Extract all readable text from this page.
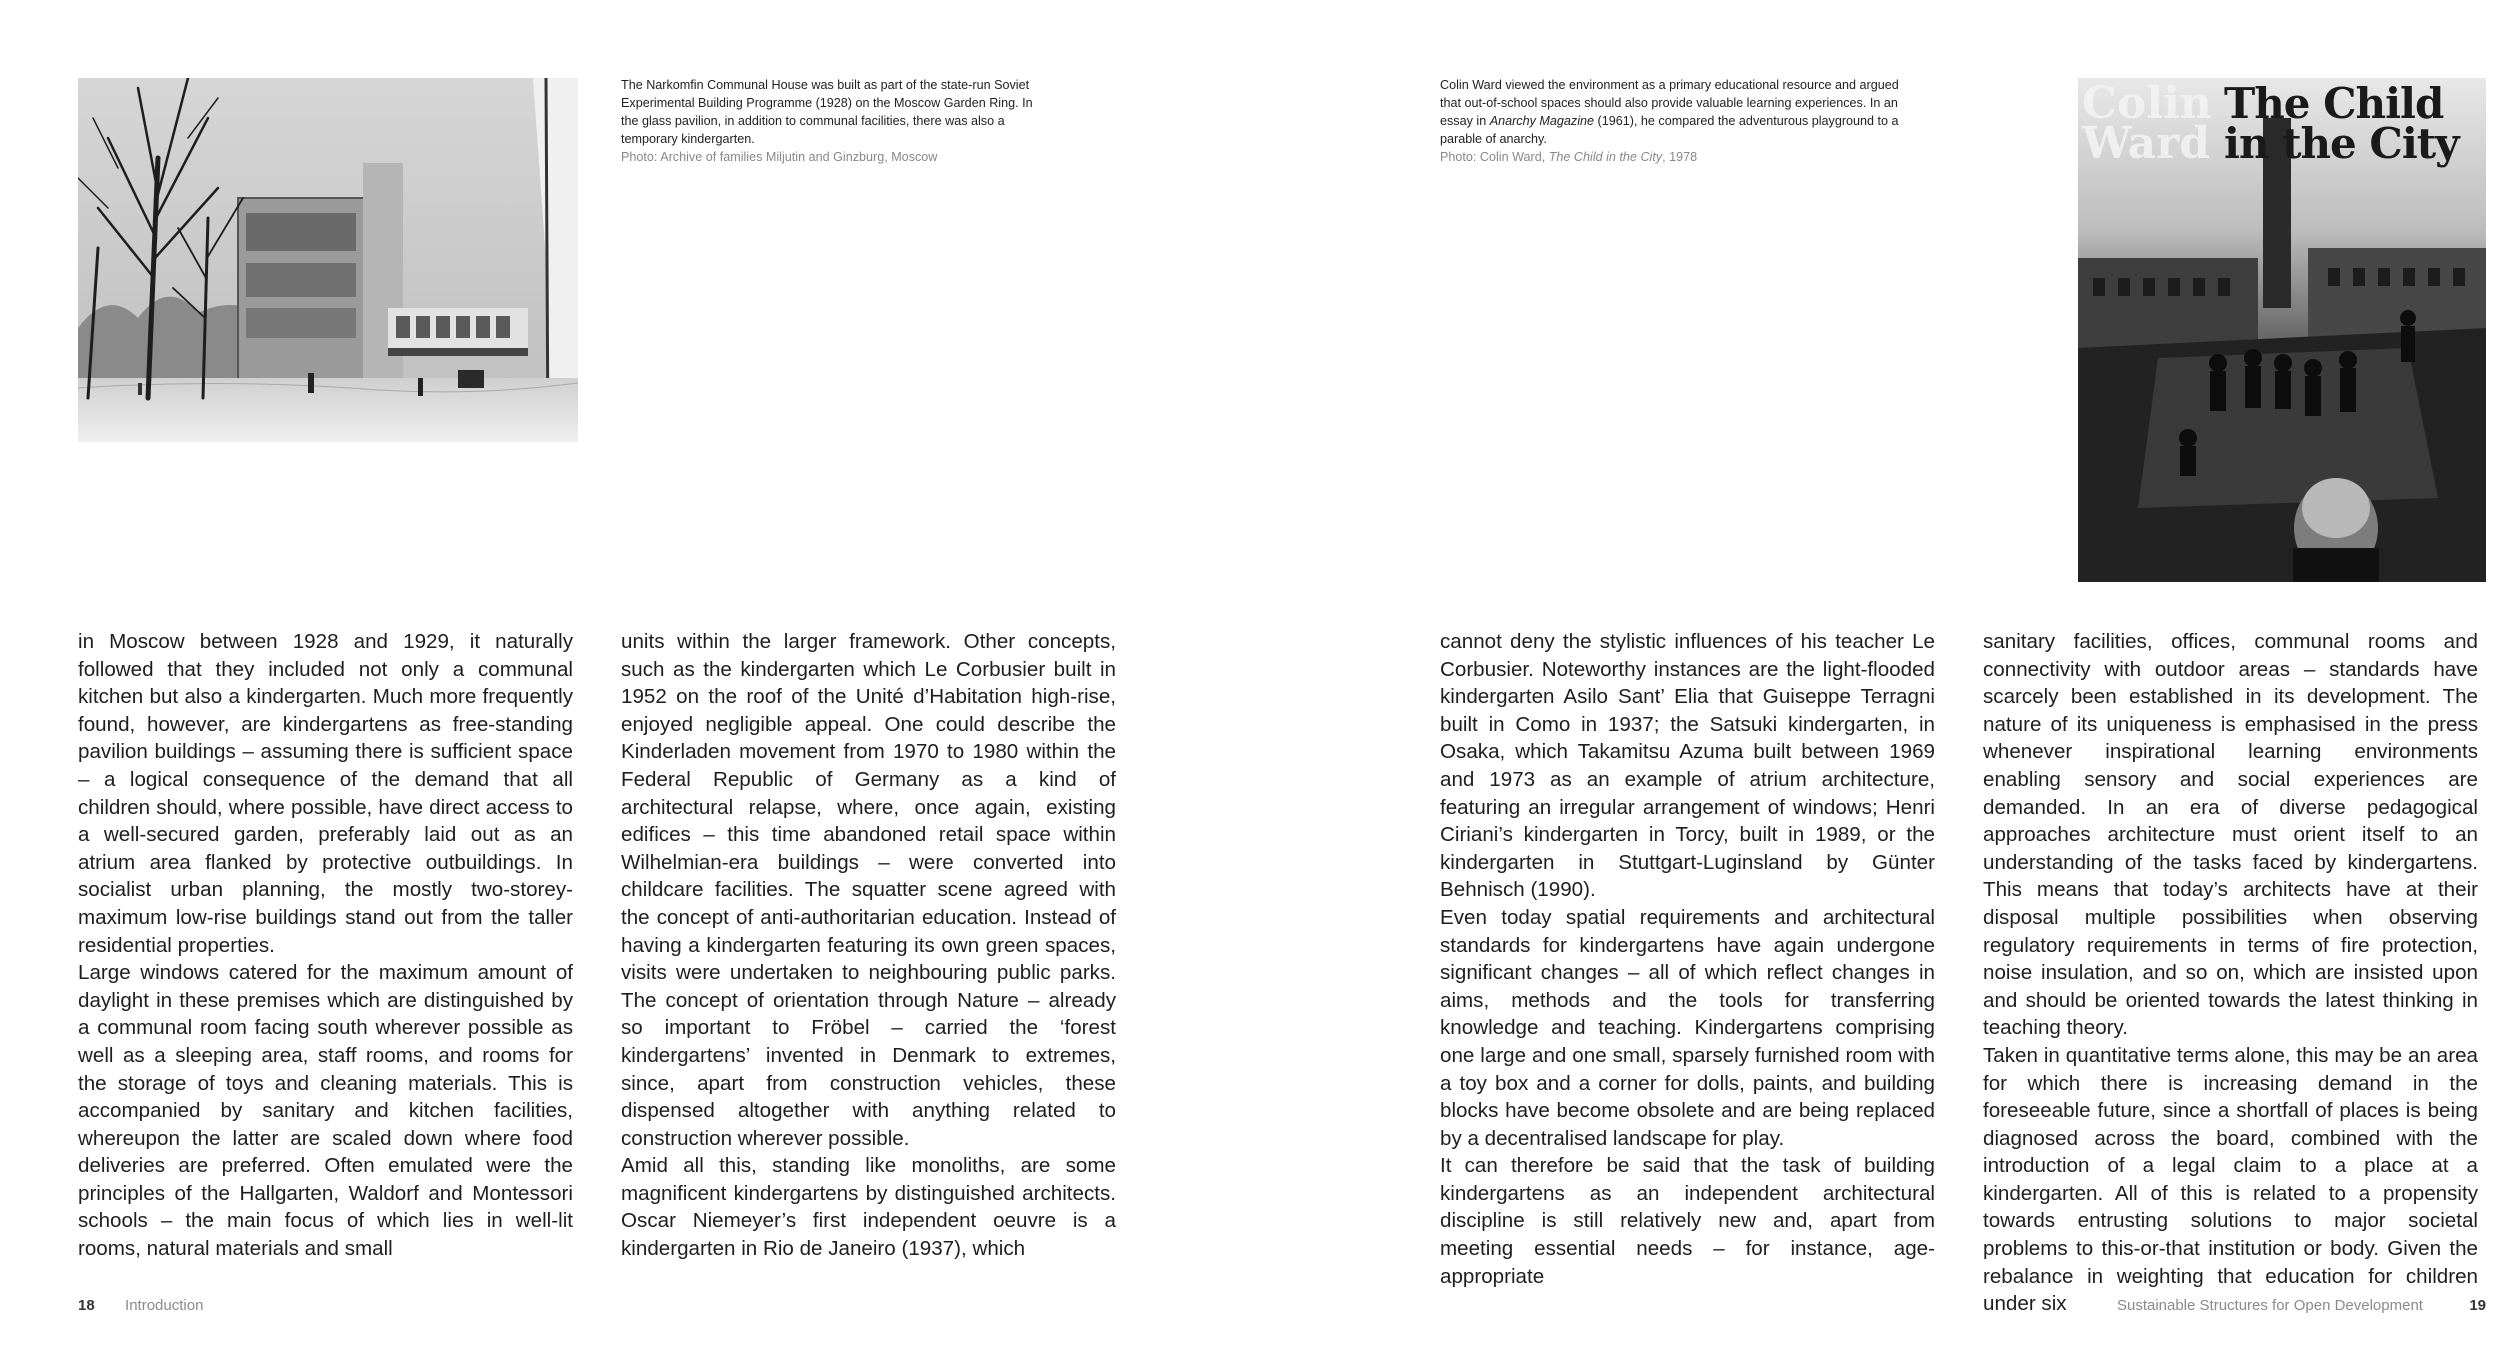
The Narkomfin Communal House was built as part of the state-run Soviet Experimental Building Programme (1928) on the Moscow Garden Ring. In the glass pavilion, in addition to communal facilities, there was also a temporary kindergarten.

Photo: Archive of families Miljutin and Ginzburg, Moscow

in Moscow between 1928 and 1929, it naturally followed that they included not only a communal kitchen but also a kindergarten. Much more frequently found, however, are kindergartens as free-standing pavilion buildings – assuming there is sufficient space – a logical consequence of the demand that all children should, where possible, have direct access to a well-secured garden, preferably laid out as an atrium area flanked by protective outbuildings. In socialist urban planning, the mostly two-storey-maximum low-rise buildings stand out from the taller residential properties.

Large windows catered for the maximum amount of daylight in these premises which are distinguished by a communal room facing south wherever possible as well as a sleeping area, staff rooms, and rooms for the storage of toys and cleaning materials. This is accompanied by sanitary and kitchen facilities, whereupon the latter are scaled down where food deliveries are preferred. Often emulated were the principles of the Hallgarten, Waldorf and Montessori schools – the main focus of which lies in well-lit rooms, natural materials and small

units within the larger framework. Other concepts, such as the kindergarten which Le Corbusier built in 1952 on the roof of the Unité d’Habitation high-rise, enjoyed negligible appeal. One could describe the Kinderladen movement from 1970 to 1980 within the Federal Republic of Germany as a kind of architectural relapse, where, once again, existing edifices – this time abandoned retail space within Wilhelmian-era buildings – were converted into childcare facilities. The squatter scene agreed with the concept of anti-authoritarian education. Instead of having a kindergarten featuring its own green spaces, visits were undertaken to neighbouring public parks. The concept of orientation through Nature – already so important to Fröbel – carried the ‘forest kindergartens’ invented in Denmark to extremes, since, apart from construction vehicles, these dispensed altogether with anything related to construction wherever possible.

Amid all this, standing like monoliths, are some magnificent kindergartens by distinguished architects. Oscar Niemeyer’s first independent oeuvre is a kindergarten in Rio de Janeiro (1937), which

18 Introduction

Colin Ward viewed the environment as a primary educational resource and argued that out-of-school spaces should also provide valuable learning experiences. In an essay in Anarchy Magazine (1961), he compared the adventurous playground to a parable of anarchy.

Photo: Colin Ward, The Child in the City, 1978

Colin
Ward
The Child
in the City

cannot deny the stylistic influences of his teacher Le Corbusier. Noteworthy instances are the light-flooded kindergarten Asilo Sant’ Elia that Guiseppe Terragni built in Como in 1937; the Satsuki kindergarten, in Osaka, which Takamitsu Azuma built between 1969 and 1973 as an example of atrium architecture, featuring an irregular arrangement of windows; Henri Ciriani’s kindergarten in Torcy, built in 1989, or the kindergarten in Stuttgart-Luginsland by Günter Behnisch (1990).

Even today spatial requirements and architectural standards for kindergartens have again undergone significant changes – all of which reflect changes in aims, methods and the tools for transferring knowledge and teaching. Kindergartens comprising one large and one small, sparsely furnished room with a toy box and a corner for dolls, paints, and building blocks have become obsolete and are being replaced by a decentralised landscape for play.

It can therefore be said that the task of building kindergartens as an independent architectural discipline is still relatively new and, apart from meeting essential needs – for instance, age-appropriate

sanitary facilities, offices, communal rooms and connectivity with outdoor areas – standards have scarcely been established in its development. The nature of its uniqueness is emphasised in the press whenever inspirational learning environments enabling sensory and social experiences are demanded. In an era of diverse pedagogical approaches architecture must orient itself to an understanding of the tasks faced by kindergartens. This means that today’s architects have at their disposal multiple possibilities when observing regulatory requirements in terms of fire protection, noise insulation, and so on, which are insisted upon and should be oriented towards the latest thinking in teaching theory.

Taken in quantitative terms alone, this may be an area for which there is increasing demand in the foreseeable future, since a shortfall of places is being diagnosed across the board, combined with the introduction of a legal claim to a place at a kindergarten. All of this is related to a propensity towards entrusting solutions to major societal problems to this-or-that institution or body. Given the rebalance in weighting that education for children under six	Sustainable Structures for Open Development	19
